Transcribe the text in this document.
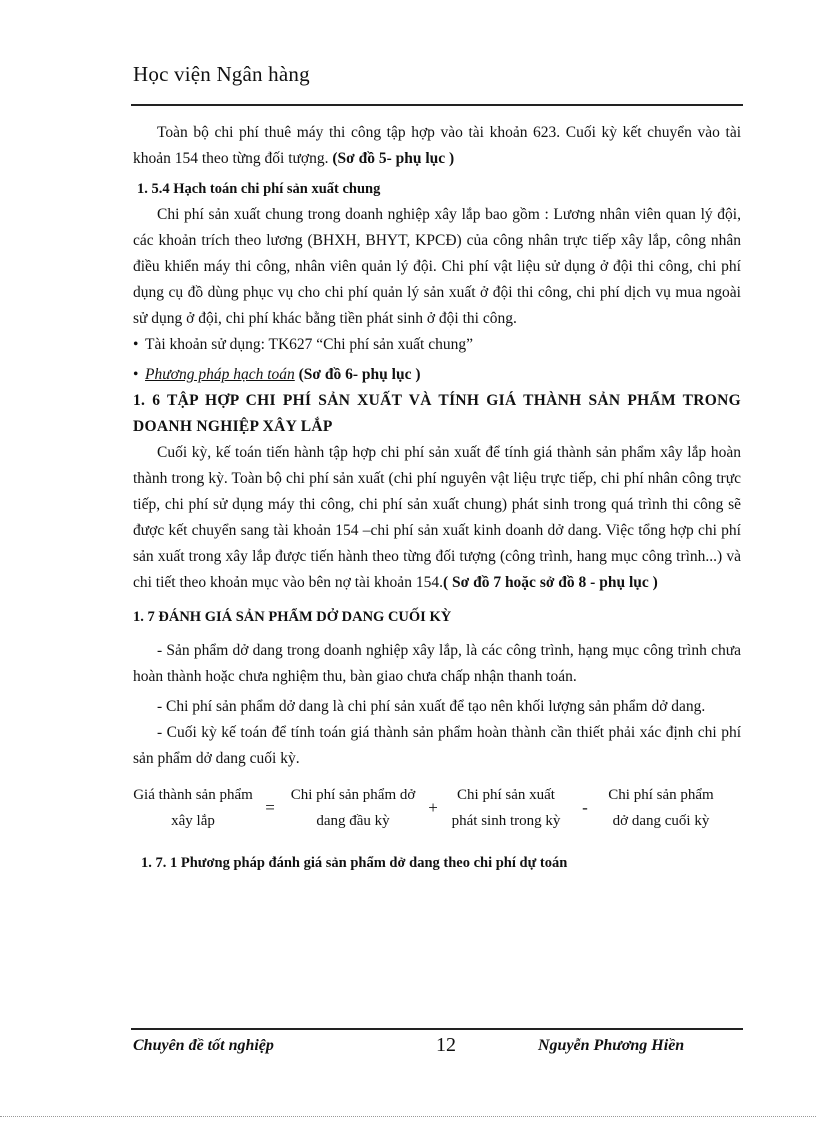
Học viện Ngân hàng

Toàn bộ chi phí thuê máy thi công tập hợp vào tài khoản 623. Cuối kỳ kết chuyển vào tài khoản 154 theo từng đối tượng. (Sơ đồ 5- phụ lục )

1. 5.4 Hạch toán chi phí sản xuất chung

Chi phí sản xuất chung trong doanh nghiệp xây lắp bao gồm : Lương nhân viên quan lý đội, các khoản trích theo lương (BHXH, BHYT, KPCĐ) của công nhân trực tiếp xây lắp, công nhân điều khiển máy thi công, nhân viên quản lý đội. Chi phí vật liệu sử dụng ở đội thi công, chi phí dụng cụ đồ dùng phục vụ cho chi phí quản lý sản xuất ở đội thi công, chi phí dịch vụ mua ngoài sử dụng ở đội, chi phí khác bằng tiền phát sinh ở đội thi công.

• Tài khoản sử dụng: TK627 “Chi phí sản xuất chung”

• Phương pháp hạch toán (Sơ đồ 6- phụ lục )

1. 6 TẬP HỢP CHI PHÍ SẢN XUẤT VÀ TÍNH GIÁ THÀNH SẢN PHẨM TRONG DOANH NGHIỆP XÂY LẮP

Cuối kỳ, kế toán tiến hành tập hợp chi phí sản xuất để tính giá thành sản phẩm xây lắp hoàn thành trong kỳ. Toàn bộ chi phí sản xuất (chi phí nguyên vật liệu trực tiếp, chi phí nhân công trực tiếp, chi phí sử dụng máy thi công, chi phí sản xuất chung) phát sinh trong quá trình thi công sẽ được kết chuyển sang tài khoản 154 –chi phí sản xuất kinh doanh dở dang. Việc tổng hợp chi phí sản xuất trong xây lắp được tiến hành theo từng đối tượng (công trình, hang mục công trình...) và chi tiết theo khoản mục vào bên nợ tài khoản 154.( Sơ đồ 7 hoặc sở đồ 8 - phụ lục )

1. 7 ĐÁNH GIÁ SẢN PHẨM DỞ DANG CUỐI KỲ

- Sản phẩm dở dang trong doanh nghiệp xây lắp, là các công trình, hạng mục công trình chưa hoàn thành hoặc chưa nghiệm thu, bàn giao chưa chấp nhận thanh toán.

- Chi phí sản phẩm dở dang là chi phí sản xuất để tạo nên khối lượng sản phẩm dở dang.

- Cuối kỳ kế toán để tính toán giá thành sản phẩm hoàn thành cần thiết phải xác định chi phí sản phẩm dở dang cuối kỳ.

Giá thành sản phẩm xây lắp
=
Chi phí sản phẩm dở dang đầu kỳ
+
Chi phí sản xuất phát sinh trong kỳ
-
Chi phí sản phẩm dở dang cuối kỳ

1. 7. 1 Phương pháp đánh giá sản phẩm dở dang theo chi phí dự toán

Chuyên đề tốt nghiệp	12	Nguyễn Phương Hiền
